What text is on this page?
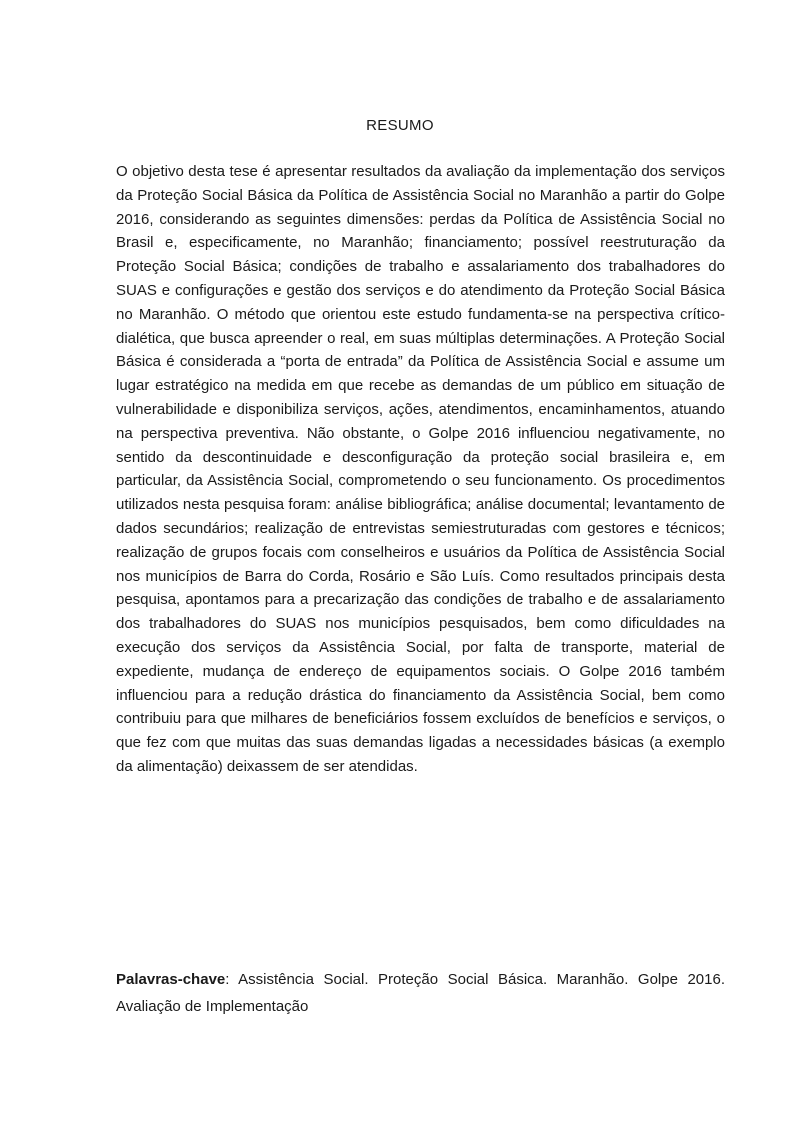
RESUMO

O objetivo desta tese é apresentar resultados da avaliação da implementação dos serviços da Proteção Social Básica da Política de Assistência Social no Maranhão a partir do Golpe 2016, considerando as seguintes dimensões: perdas da Política de Assistência Social no Brasil e, especificamente, no Maranhão; financiamento; possível reestruturação da Proteção Social Básica; condições de trabalho e assalariamento dos trabalhadores do SUAS e configurações e gestão dos serviços e do atendimento da Proteção Social Básica no Maranhão. O método que orientou este estudo fundamenta-se na perspectiva crítico-dialética, que busca apreender o real, em suas múltiplas determinações. A Proteção Social Básica é considerada a “porta de entrada” da Política de Assistência Social e assume um lugar estratégico na medida em que recebe as demandas de um público em situação de vulnerabilidade e disponibiliza serviços, ações, atendimentos, encaminhamentos, atuando na perspectiva preventiva. Não obstante, o Golpe 2016 influenciou negativamente, no sentido da descontinuidade e desconfiguração da proteção social brasileira e, em particular, da Assistência Social, comprometendo o seu funcionamento. Os procedimentos utilizados nesta pesquisa foram: análise bibliográfica; análise documental; levantamento de dados secundários; realização de entrevistas semiestruturadas com gestores e técnicos; realização de grupos focais com conselheiros e usuários da Política de Assistência Social nos municípios de Barra do Corda, Rosário e São Luís. Como resultados principais desta pesquisa, apontamos para a precarização das condições de trabalho e de assalariamento dos trabalhadores do SUAS nos municípios pesquisados, bem como dificuldades na execução dos serviços da Assistência Social, por falta de transporte, material de expediente, mudança de endereço de equipamentos sociais. O Golpe 2016 também influenciou para a redução drástica do financiamento da Assistência Social, bem como contribuiu para que milhares de beneficiários fossem excluídos de benefícios e serviços, o que fez com que muitas das suas demandas ligadas a necessidades básicas (a exemplo da alimentação) deixassem de ser atendidas.

Palavras-chave: Assistência Social. Proteção Social Básica. Maranhão. Golpe 2016. Avaliação de Implementação
